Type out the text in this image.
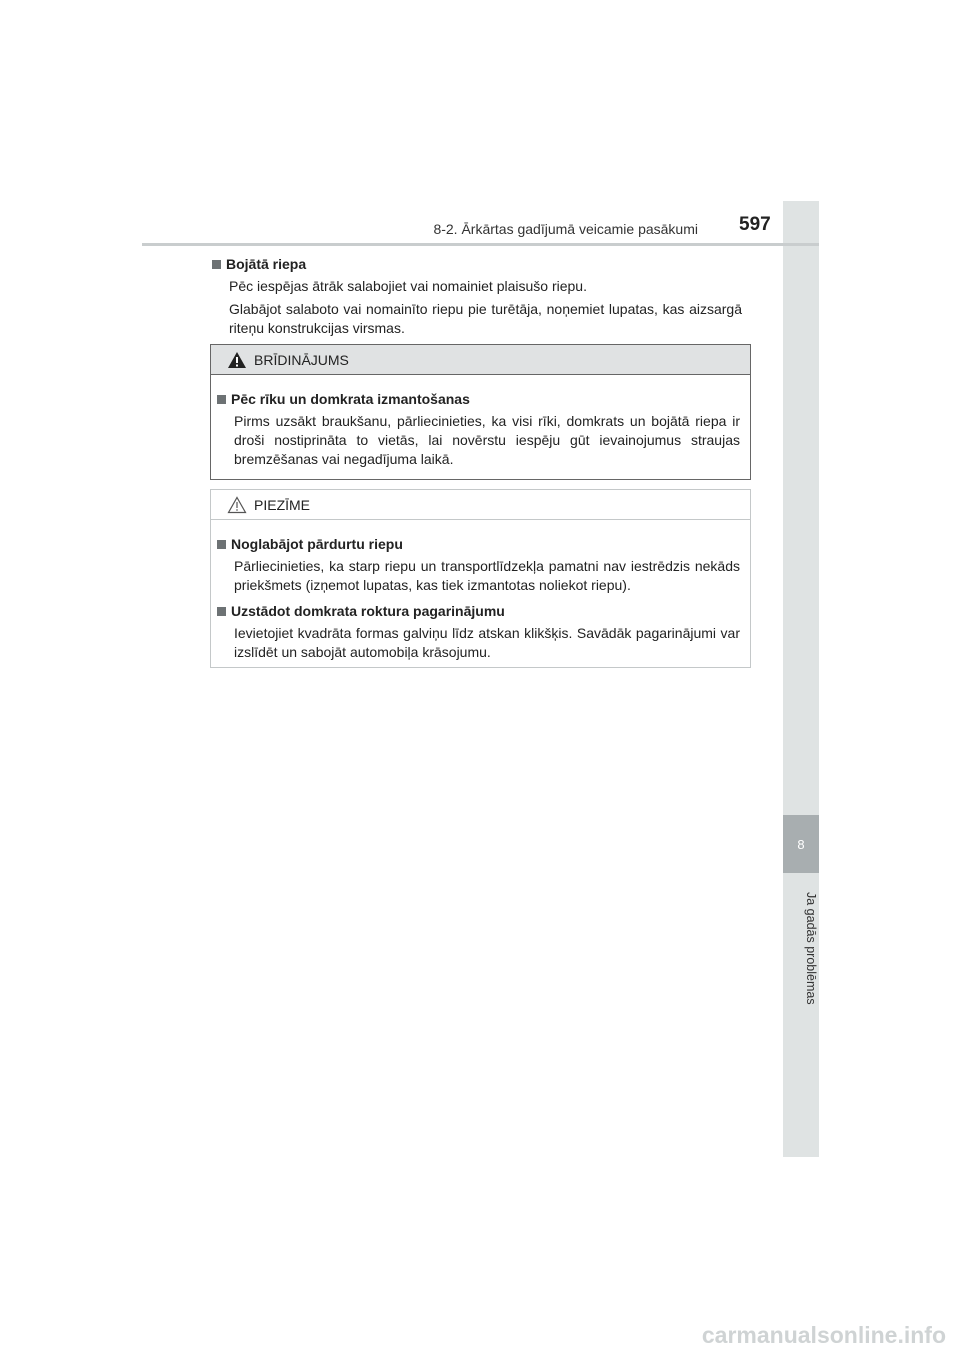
8
Ja gadās problēmas
8-2. Ārkārtas gadījumā veicamie pasākumi 597
Bojātā riepa

Pēc iespējas ātrāk salabojiet vai nomainiet plaisušo riepu.

Glabājot salaboto vai nomainīto riepu pie turētāja, noņemiet lupatas, kas aizsargā riteņu konstrukcijas virsmas.

BRĪDINĀJUMS
Pēc rīku un domkrata izmantošanas

Pirms uzsākt braukšanu, pārliecinieties, ka visi rīki, domkrats un bojātā riepa ir droši nostiprināta to vietās, lai novērstu iespēju gūt ievainojumus straujas bremzēšanas vai negadījuma laikā.

PIEZĪME
Noglabājot pārdurtu riepu

Pārliecinieties, ka starp riepu un transportlīdzekļa pamatni nav iestrēdzis nekāds priekšmets (izņemot lupatas, kas tiek izmantotas noliekot riepu).

Uzstādot domkrata roktura pagarinājumu

Ievietojiet kvadrāta formas galviņu līdz atskan klikšķis. Savādāk pagarinājumi var izslīdēt un sabojāt automobiļa krāsojumu.

carmanualsonline.info
